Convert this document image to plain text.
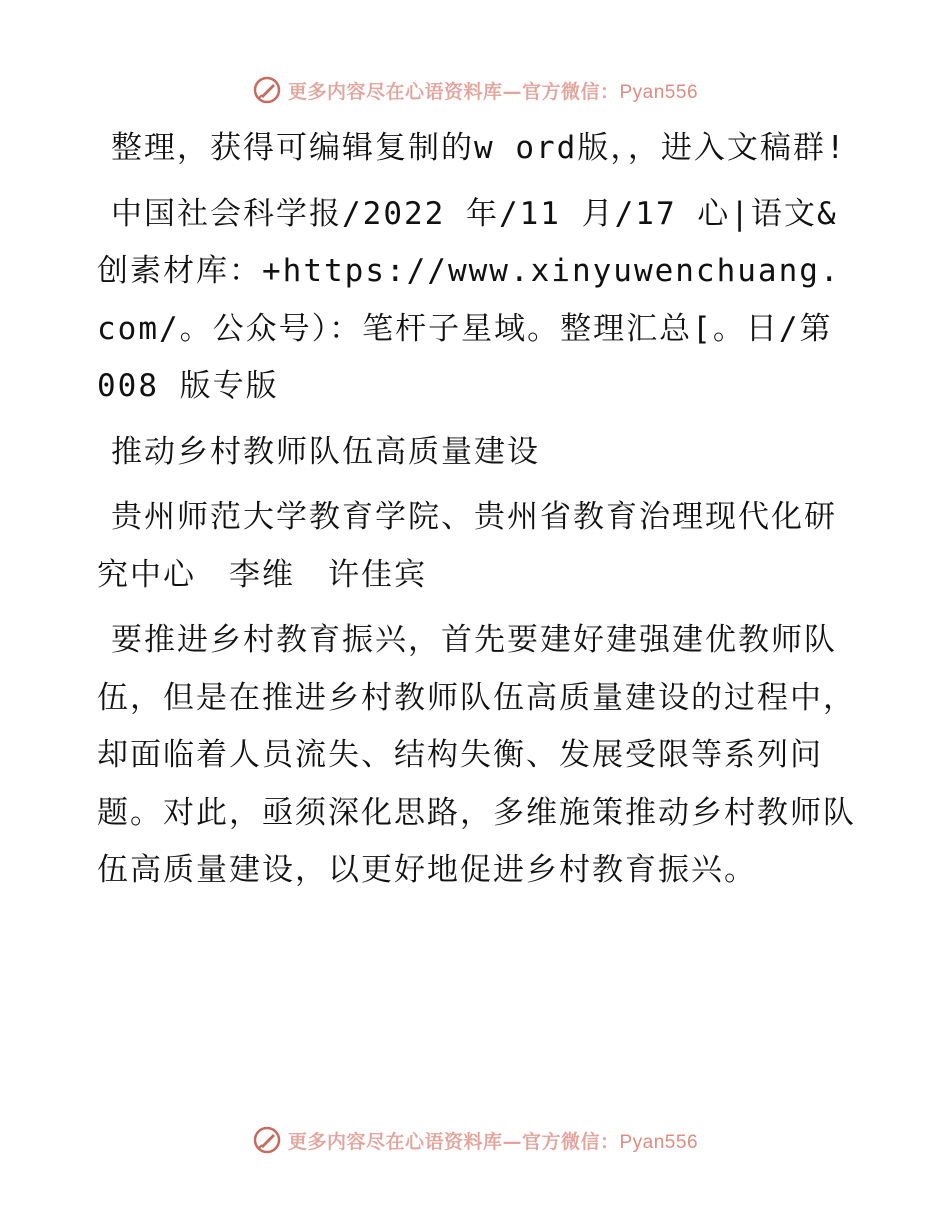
更多内容尽在心语资料库—官方微信：Pyan556

整理，获得可编辑复制的w ord版，，进入文稿群!

中国社会科学报/2022 年/11 月/17 心|语文&创素材库：+https://www.xinyuwenchuang.com/。公众号）：笔杆子星域。整理汇总[。日/第 008 版专版

推动乡村教师队伍高质量建设

贵州师范大学教育学院、贵州省教育治理现代化研究中心　李维　许佳宾

要推进乡村教育振兴，首先要建好建强建优教师队伍，但是在推进乡村教师队伍高质量建设的过程中，却面临着人员流失、结构失衡、发展受限等系列问题。对此，亟须深化思路，多维施策推动乡村教师队伍高质量建设，以更好地促进乡村教育振兴。

更多内容尽在心语资料库—官方微信：Pyan556
